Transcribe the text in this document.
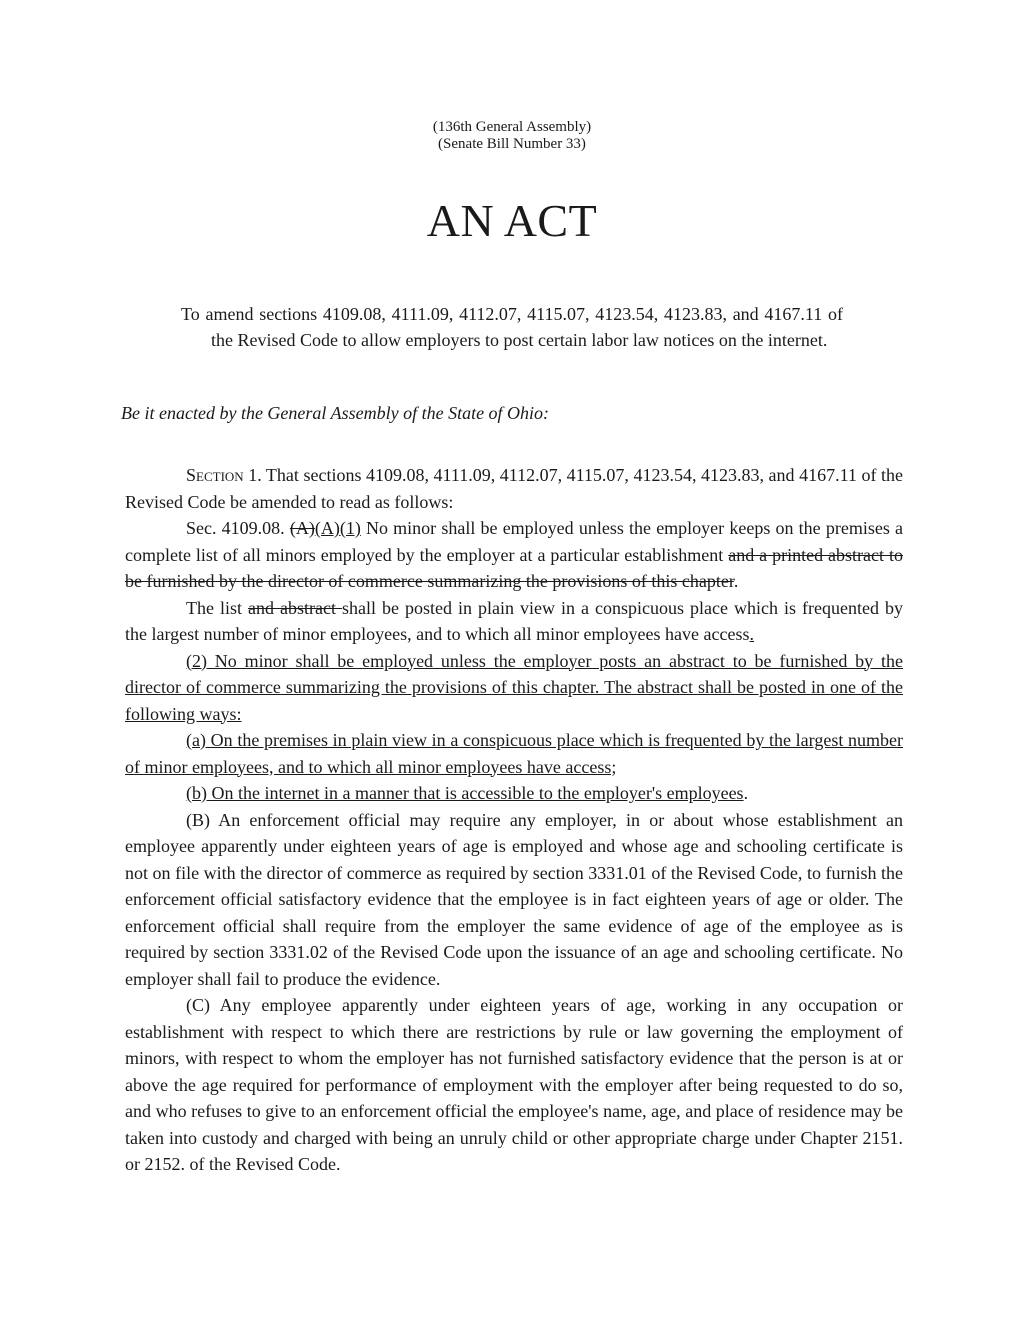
(136th General Assembly)
(Senate Bill Number 33)
AN ACT
To amend sections 4109.08, 4111.09, 4112.07, 4115.07, 4123.54, 4123.83, and 4167.11 of the Revised Code to allow employers to post certain labor law notices on the internet.
Be it enacted by the General Assembly of the State of Ohio:

Section 1. That sections 4109.08, 4111.09, 4112.07, 4115.07, 4123.54, 4123.83, and 4167.11 of the Revised Code be amended to read as follows:

Sec. 4109.08. (A)(A)(1) No minor shall be employed unless the employer keeps on the premises a complete list of all minors employed by the employer at a particular establishment and a printed abstract to be furnished by the director of commerce summarizing the provisions of this chapter.

The list and abstract shall be posted in plain view in a conspicuous place which is frequented by the largest number of minor employees, and to which all minor employees have access.

(2) No minor shall be employed unless the employer posts an abstract to be furnished by the director of commerce summarizing the provisions of this chapter. The abstract shall be posted in one of the following ways:

(a) On the premises in plain view in a conspicuous place which is frequented by the largest number of minor employees, and to which all minor employees have access;

(b) On the internet in a manner that is accessible to the employer's employees.

(B) An enforcement official may require any employer, in or about whose establishment an employee apparently under eighteen years of age is employed and whose age and schooling certificate is not on file with the director of commerce as required by section 3331.01 of the Revised Code, to furnish the enforcement official satisfactory evidence that the employee is in fact eighteen years of age or older. The enforcement official shall require from the employer the same evidence of age of the employee as is required by section 3331.02 of the Revised Code upon the issuance of an age and schooling certificate. No employer shall fail to produce the evidence.

(C) Any employee apparently under eighteen years of age, working in any occupation or establishment with respect to which there are restrictions by rule or law governing the employment of minors, with respect to whom the employer has not furnished satisfactory evidence that the person is at or above the age required for performance of employment with the employer after being requested to do so, and who refuses to give to an enforcement official the employee's name, age, and place of residence may be taken into custody and charged with being an unruly child or other appropriate charge under Chapter 2151. or 2152. of the Revised Code.
